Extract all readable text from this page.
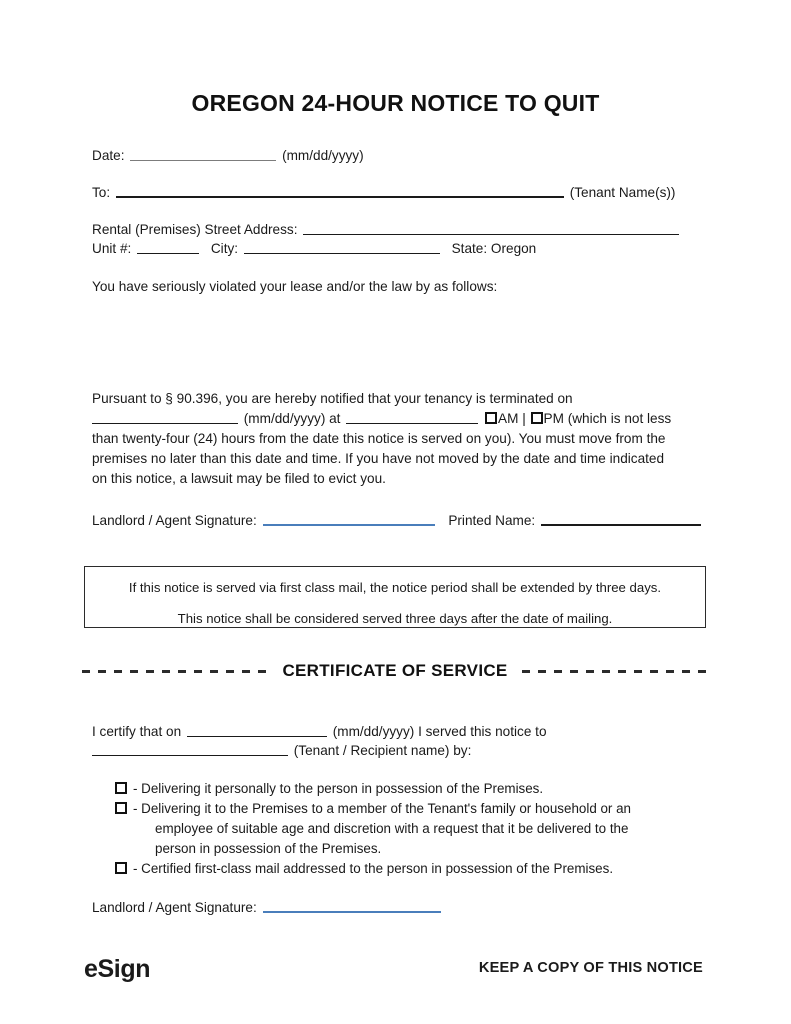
OREGON 24-HOUR NOTICE TO QUIT
Date:	(mm/dd/yyyy)
To:	(Tenant Name(s))
Rental (Premises) Street Address:
Unit #:	City:	State: Oregon
You have seriously violated your lease and/or the law by as follows:
Pursuant to § 90.396, you are hereby notified that your tenancy is terminated on
(mm/dd/yyyy) at	AM | PM (which is not less
than twenty-four (24) hours from the date this notice is served on you). You must move from the
premises no later than this date and time. If you have not moved by the date and time indicated
on this notice, a lawsuit may be filed to evict you.
Landlord / Agent Signature:	Printed Name:

If this notice is served via first class mail, the notice period shall be extended by three days.

This notice shall be considered served three days after the date of mailing.

CERTIFICATE OF SERVICE
I certify that on	(mm/dd/yyyy) I served this notice to
(Tenant / Recipient name) by:
- Delivering it personally to the person in possession of the Premises.
- Delivering it to the Premises to a member of the Tenant's family or household or an
employee of suitable age and discretion with a request that it be delivered to the
person in possession of the Premises.
- Certified first-class mail addressed to the person in possession of the Premises.
Landlord / Agent Signature:
eSign	KEEP A COPY OF THIS NOTICE
